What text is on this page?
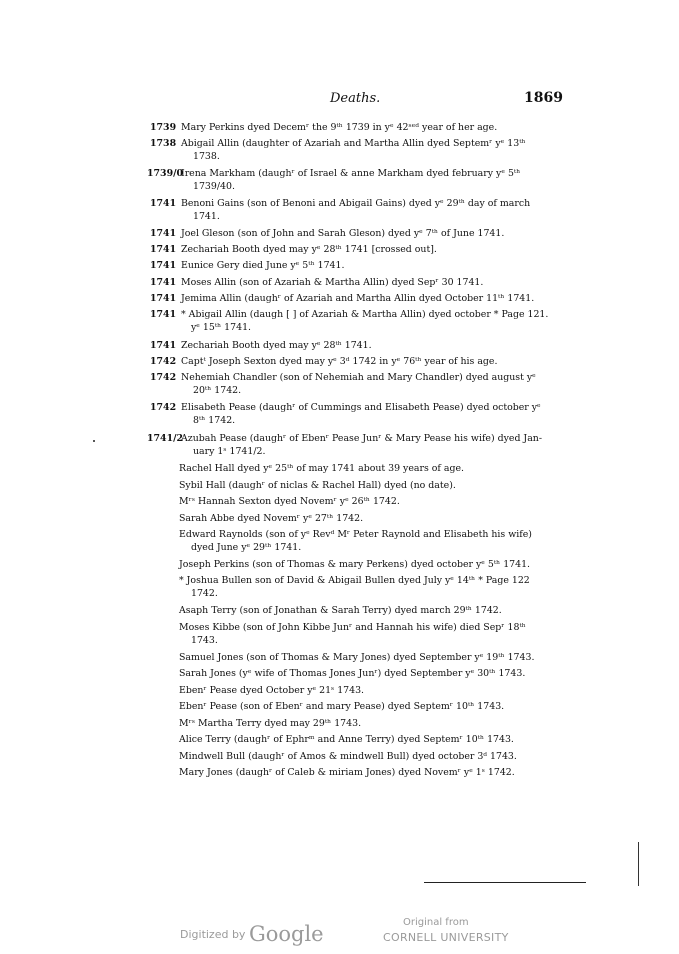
Deaths.	1869
1739 Mary Perkins dyed Decemʳ the 9ᵗʰ 1739 in yᵉ 42ˢᵉᵈ year of her age.
1738 Abigail Allin (daughter of Azariah and Martha Allin dyed Septemʳ yᵉ 13ᵗʰ
1738.
1739/0
Irena Markham (daughʳ of Israel & anne Markham dyed february yᵉ 5ᵗʰ
1739/40.
1741 Benoni Gains (son of Benoni and Abigail Gains) dyed yᵉ 29ᵗʰ day of march
1741.
1741 Joel Gleson (son of John and Sarah Gleson) dyed yᵉ 7ᵗʰ of June 1741.
1741 Zechariah Booth dyed may yᵉ 28ᵗʰ 1741 [crossed out].
1741 Eunice Gery died June yᵉ 5ᵗʰ 1741.
1741 Moses Allin (son of Azariah & Martha Allin) dyed Sepʳ 30 1741.
1741 Jemima Allin (daughʳ of Azariah and Martha Allin dyed October 11ᵗʰ 1741.
1741 * Abigail Allin (daugh [ ] of Azariah & Martha Allin) dyed october * Page 121.
yᵉ 15ᵗʰ 1741.
1741 Zechariah Booth dyed may yᵉ 28ᵗʰ 1741.
1742 Captᵗ Joseph Sexton dyed may yᵉ 3ᵈ 1742 in yᵉ 76ᵗʰ year of his age.
1742 Nehemiah Chandler (son of Nehemiah and Mary Chandler) dyed august yᵉ
20ᵗʰ 1742.
1742 Elisabeth Pease (daughʳ of Cummings and Elisabeth Pease) dyed october yᵉ
8ᵗʰ 1742.
1741/2
Azubah Pease (daughʳ of Ebenʳ Pease Junʳ & Mary Pease his wife) dyed Jan-
uary 1ˢ 1741/2.
Rachel Hall dyed yᵉ 25ᵗʰ of may 1741 about 39 years of age.
Sybil Hall (daughʳ of niclas & Rachel Hall) dyed (no date).
Mʳˢ Hannah Sexton dyed Novemʳ yᵉ 26ᵗʰ 1742.
Sarah Abbe dyed Novemʳ yᵉ 27ᵗʰ 1742.
Edward Raynolds (son of yᵉ Revᵈ Mʳ Peter Raynold and Elisabeth his wife)
dyed June yᵉ 29ᵗʰ 1741.
Joseph Perkins (son of Thomas & mary Perkens) dyed october yᵉ 5ᵗʰ 1741.
* Joshua Bullen son of David & Abigail Bullen dyed July yᵉ 14ᵗʰ * Page 122
1742.
Asaph Terry (son of Jonathan & Sarah Terry) dyed march 29ᵗʰ 1742.
Moses Kibbe (son of John Kibbe Junʳ and Hannah his wife) died Sepʳ 18ᵗʰ
1743.
Samuel Jones (son of Thomas & Mary Jones) dyed September yᵉ 19ᵗʰ 1743.
Sarah Jones (yᵉ wife of Thomas Jones Junʳ) dyed September yᵉ 30ᵗʰ 1743.
Ebenʳ Pease dyed October yᵉ 21ˢ 1743.
Ebenʳ Pease (son of Ebenʳ and mary Pease) dyed Septemʳ 10ᵗʰ 1743.
Mʳˢ Martha Terry dyed may 29ᵗʰ 1743.
Alice Terry (daughʳ of Ephrᵐ and Anne Terry) dyed Septemʳ 10ᵗʰ 1743.
Mindwell Bull (daughʳ of Amos & mindwell Bull) dyed october 3ᵈ 1743.
Mary Jones (daughʳ of Caleb & miriam Jones) dyed Novemʳ yᵉ 1ˢ 1742.
Digitized by Google	Original from
CORNELL UNIVERSITY
